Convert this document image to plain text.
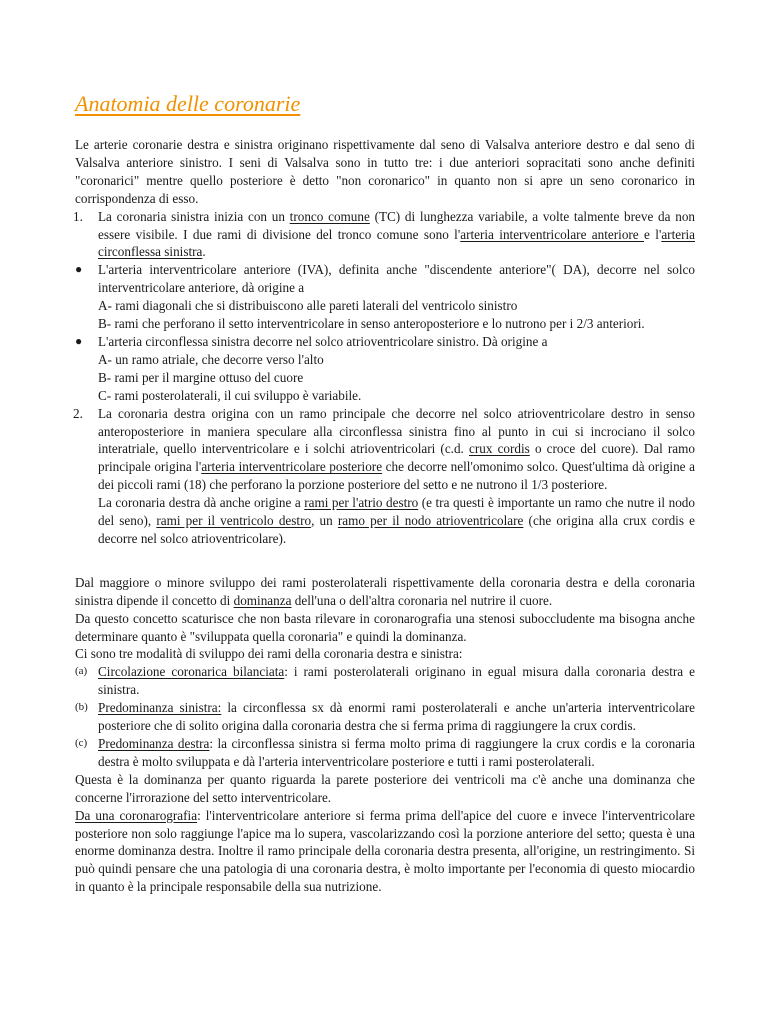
Anatomia delle coronarie

Le arterie coronarie destra e sinistra originano rispettivamente dal seno di Valsalva anteriore destro e dal seno di Valsalva anteriore sinistro. I seni di Valsalva sono in tutto tre: i due anteriori sopracitati sono anche definiti "coronarici" mentre quello posteriore è detto "non coronarico" in quanto non si apre un seno coronarico in corrispondenza di esso.

1. La coronaria sinistra inizia con un tronco comune (TC) di lunghezza variabile, a volte talmente breve da non essere visibile. I due rami di divisione del tronco comune sono l'arteria interventricolare anteriore e l'arteria circonflessa sinistra.
● L'arteria interventricolare anteriore (IVA), definita anche "discendente anteriore"( DA), decorre nel solco interventricolare anteriore, dà origine a
A- rami diagonali che si distribuiscono alle pareti laterali del ventricolo sinistro
B- rami che perforano il setto interventricolare in senso anteroposteriore e lo nutrono per i 2/3 anteriori.
● L'arteria circonflessa sinistra decorre nel solco atrioventricolare sinistro. Dà origine a
A- un ramo atriale, che decorre verso l'alto
B- rami per il margine ottuso del cuore
C- rami posterolaterali, il cui sviluppo è variabile.
2. La coronaria destra origina con un ramo principale che decorre nel solco atrioventricolare destro in senso anteroposteriore in maniera speculare alla circonflessa sinistra fino al punto in cui si incrociano il solco interatriale, quello interventricolare e i solchi atrioventricolari (c.d. crux cordis o croce del cuore). Dal ramo principale origina l'arteria interventricolare posteriore che decorre nell'omonimo solco. Quest'ultima dà origine a dei piccoli rami (18) che perforano la porzione posteriore del setto e ne nutrono il 1/3 posteriore.
La coronaria destra dà anche origine a rami per l'atrio destro (e tra questi è importante un ramo che nutre il nodo del seno), rami per il ventricolo destro, un ramo per il nodo atrioventricolare (che origina alla crux cordis e decorre nel solco atrioventricolare).

Dal maggiore o minore sviluppo dei rami posterolaterali rispettivamente della coronaria destra e della coronaria sinistra dipende il concetto di dominanza dell'una o dell'altra coronaria nel nutrire il cuore.

Da questo concetto scaturisce che non basta rilevare in coronarografia una stenosi suboccludente ma bisogna anche determinare quanto è "sviluppata quella coronaria" e quindi la dominanza.

Ci sono tre modalità di sviluppo dei rami della coronaria destra e sinistra:

(a) Circolazione coronarica bilanciata: i rami posterolaterali originano in egual misura dalla coronaria destra e sinistra.
(b) Predominanza sinistra: la circonflessa sx dà enormi rami posterolaterali e anche un'arteria interventricolare posteriore che di solito origina dalla coronaria destra che si ferma prima di raggiungere la crux cordis.
(c) Predominanza destra: la circonflessa sinistra si ferma molto prima di raggiungere la crux cordis e la coronaria destra è molto sviluppata e dà l'arteria interventricolare posteriore e tutti i rami posterolaterali.

Questa è la dominanza per quanto riguarda la parete posteriore dei ventricoli ma c'è anche una dominanza che concerne l'irrorazione del setto interventricolare.

Da una coronarografia: l'interventricolare anteriore si ferma prima dell'apice del cuore e invece l'interventricolare posteriore non solo raggiunge l'apice ma lo supera, vascolarizzando così la porzione anteriore del setto; questa è una enorme dominanza destra. Inoltre il ramo principale della coronaria destra presenta, all'origine, un restringimento. Si può quindi pensare che una patologia di una coronaria destra, è molto importante per l'economia di questo miocardio in quanto è la principale responsabile della sua nutrizione.
